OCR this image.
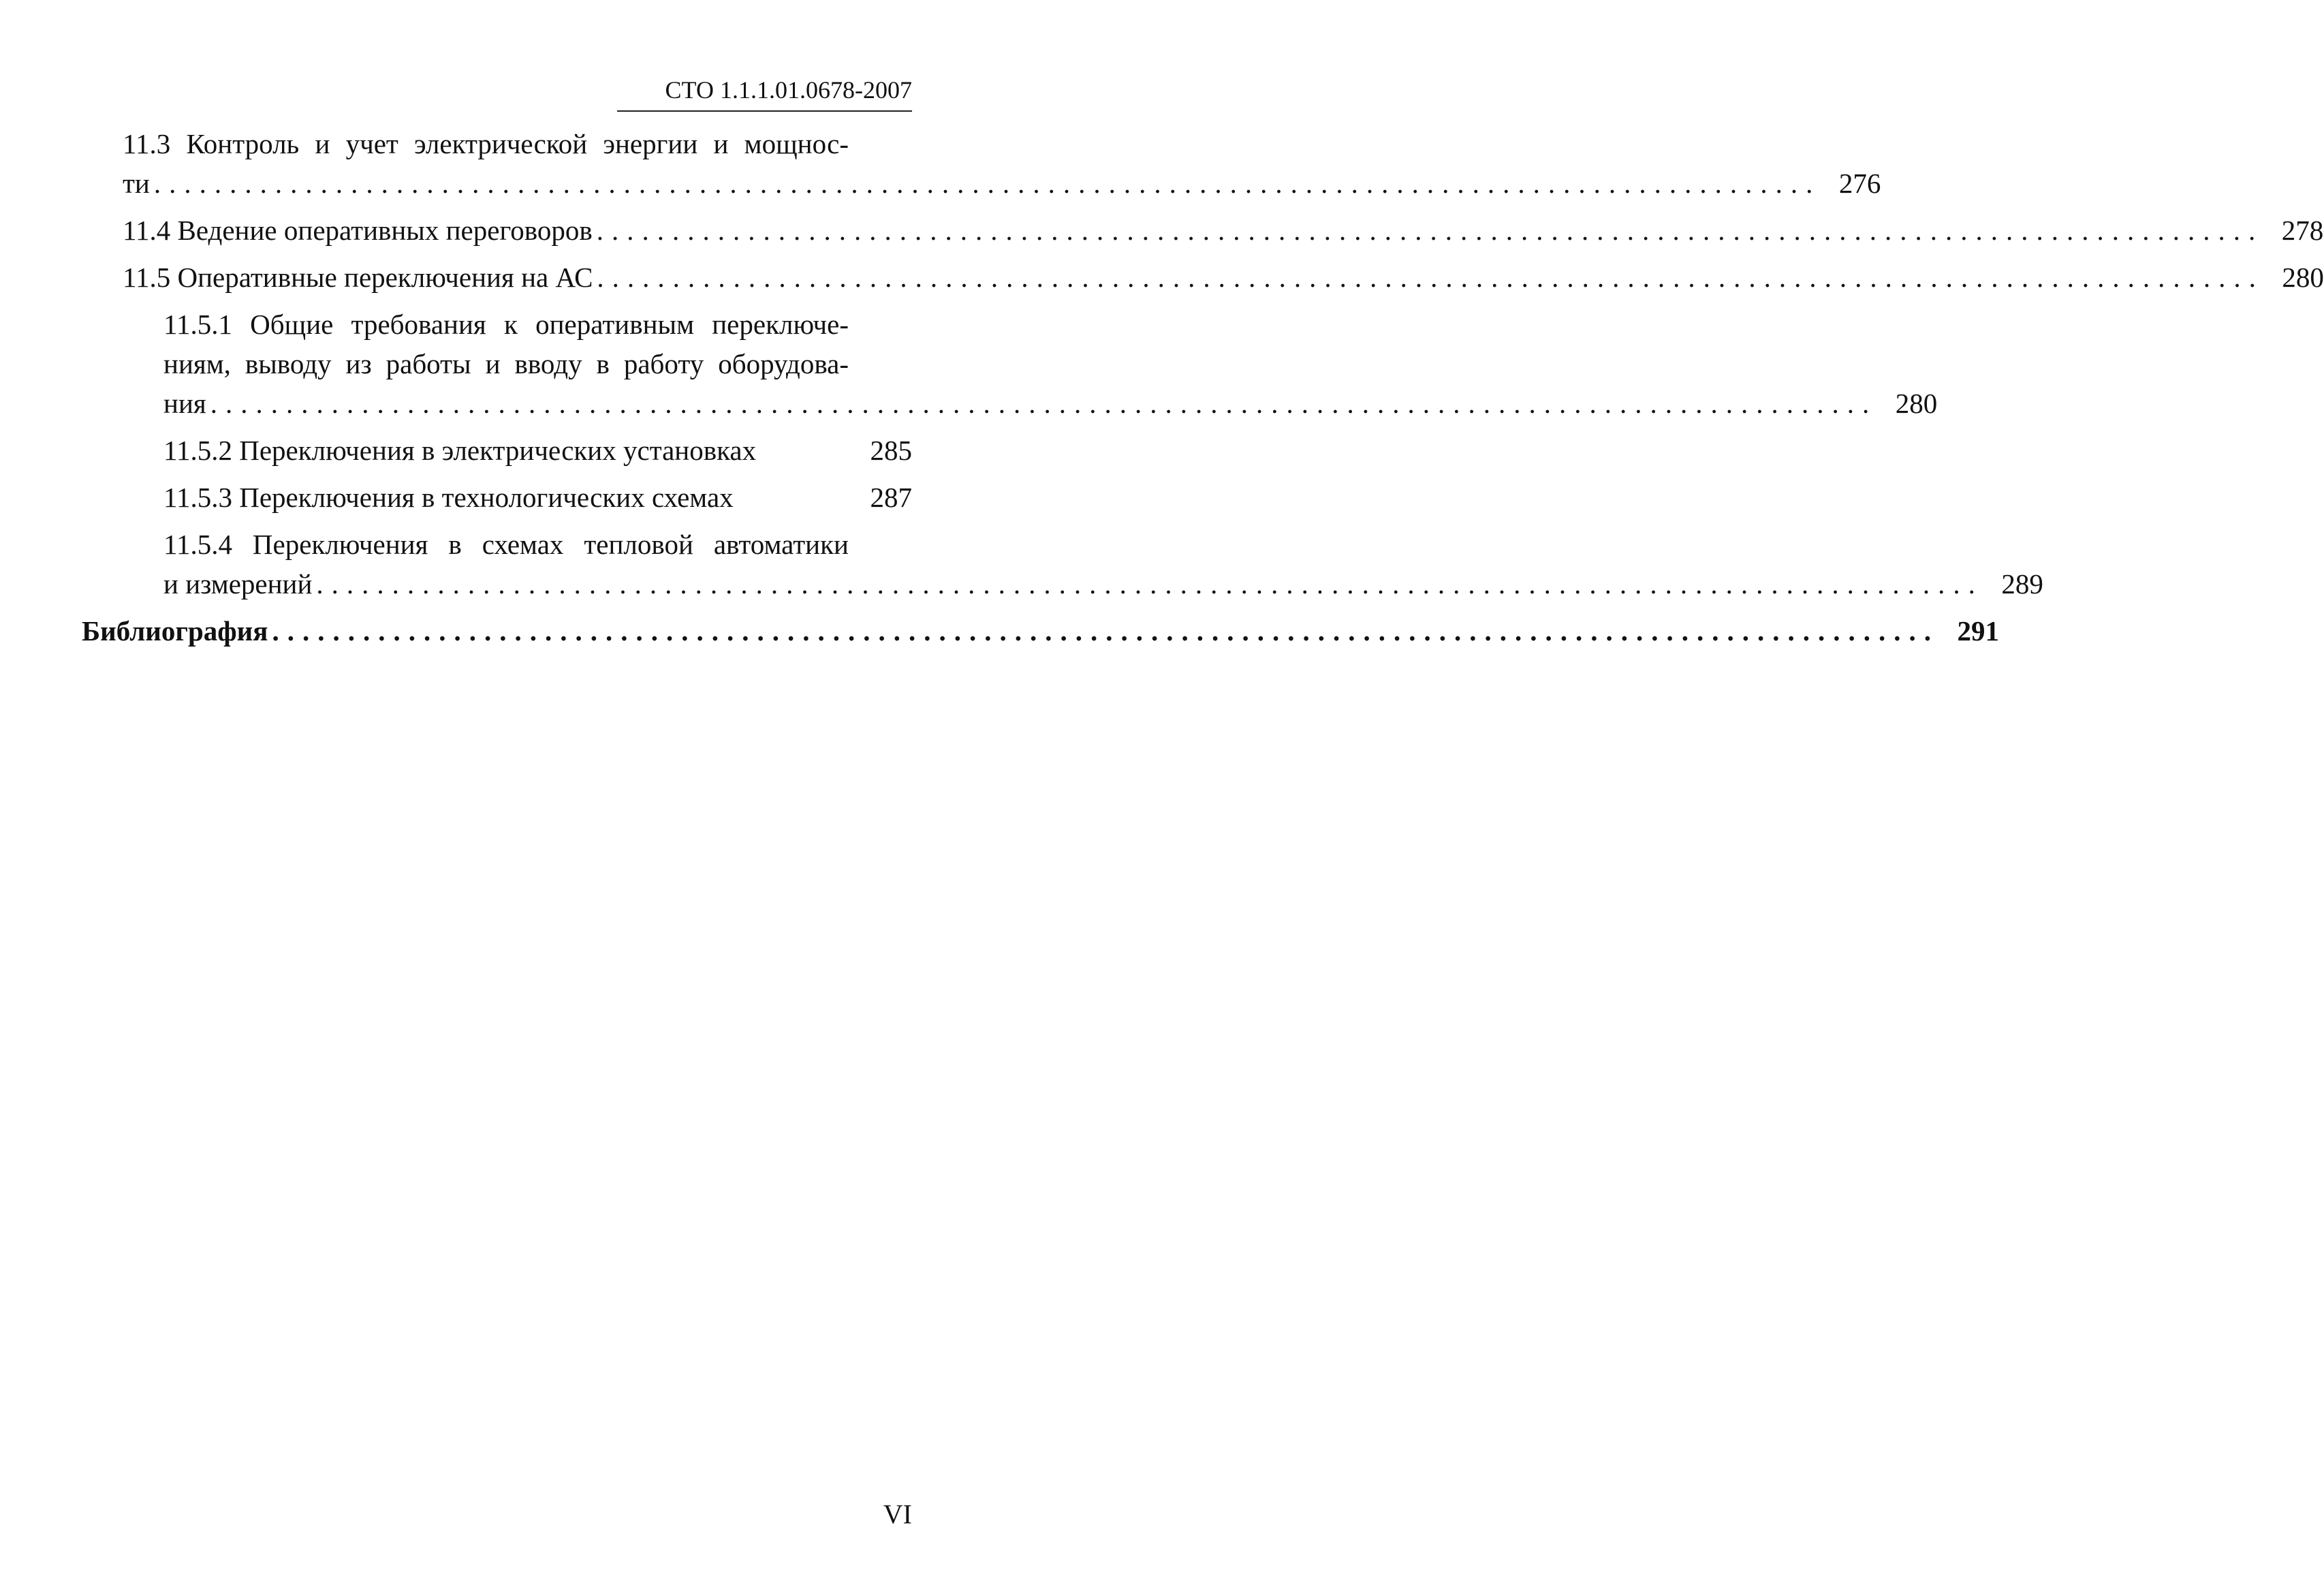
СТО 1.1.1.01.0678-2007
11.3 Контроль и учет электрической энергии и мощнос-
ти .............................................................................................................. 276
11.4 Ведение оперативных переговоров .............................................................................................................. 278
11.5 Оперативные переключения на АС .............................................................................................................. 280
11.5.1 Общие требования к оперативным переключе-
ниям, выводу из работы и вводу в работу оборудова-
ния .............................................................................................................. 280
11.5.2 Переключения в электрических установках	285
11.5.3 Переключения в технологических схемах	287
11.5.4 Переключения в схемах тепловой автоматики
и измерений .............................................................................................................. 289
Библиография .............................................................................................................. 291
VI
